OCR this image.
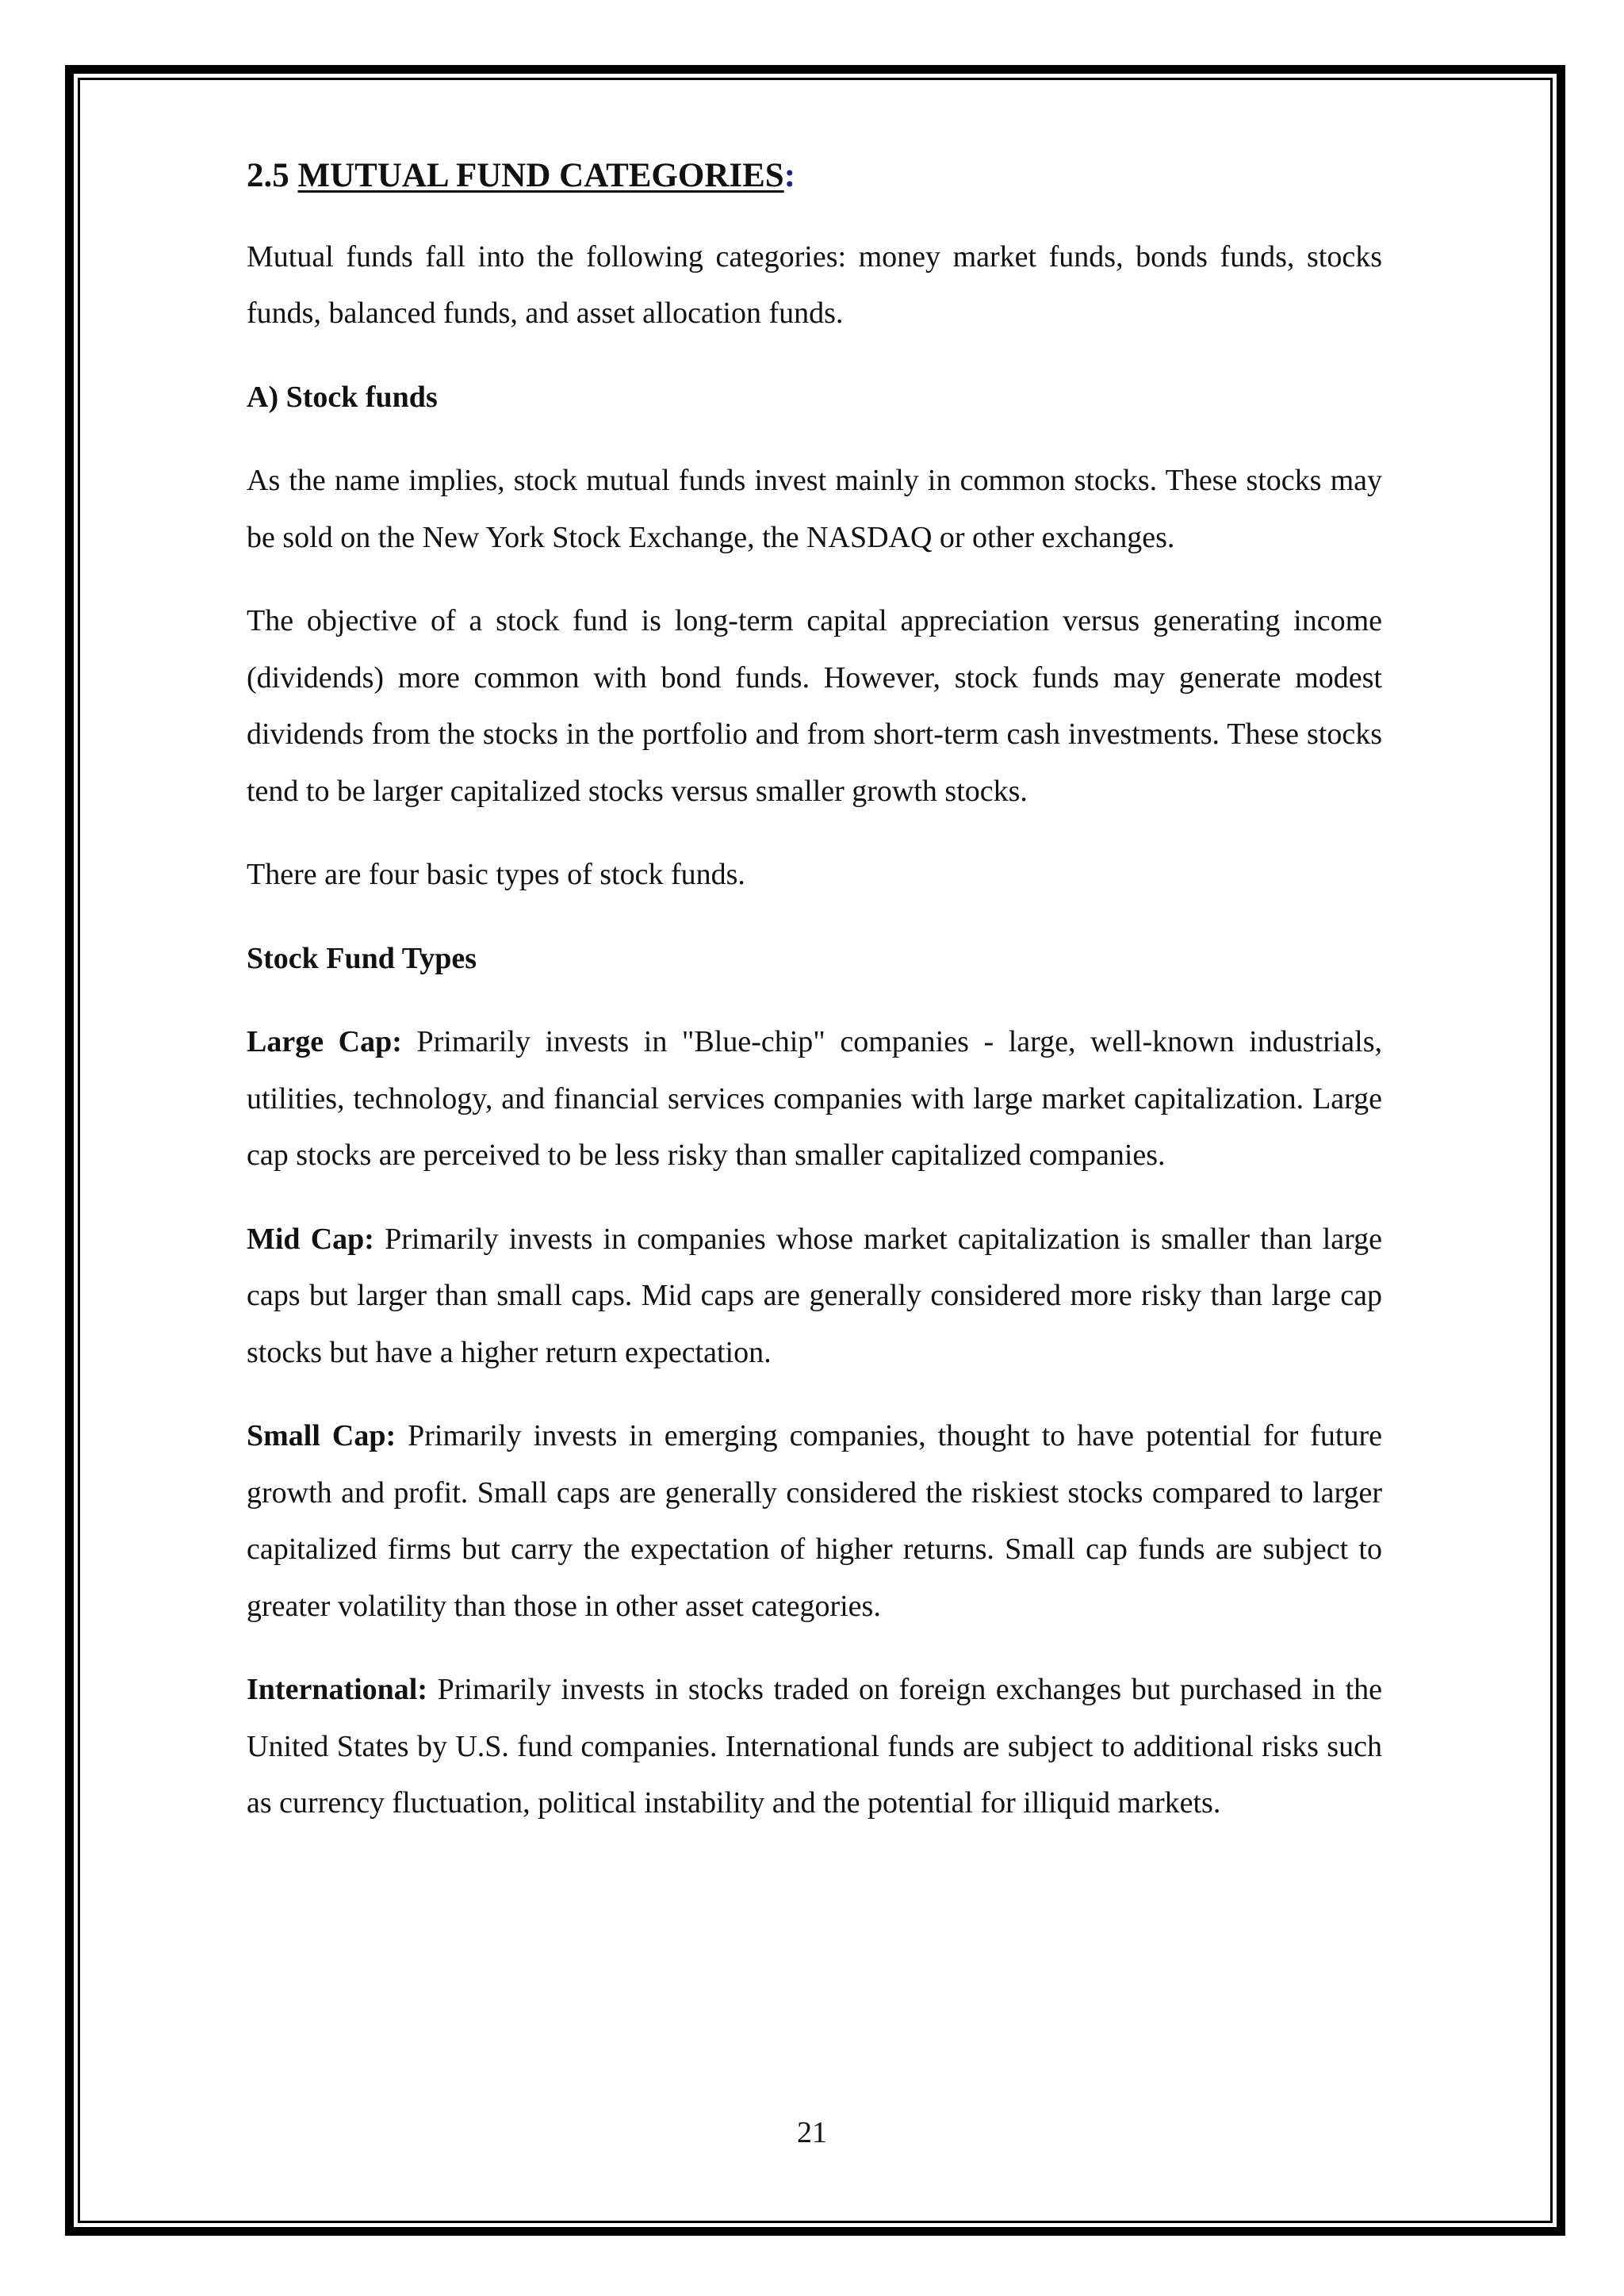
2.5 MUTUAL FUND CATEGORIES:

Mutual funds fall into the following categories: money market funds, bonds funds, stocks funds, balanced funds, and asset allocation funds.

A) Stock funds

As the name implies, stock mutual funds invest mainly in common stocks. These stocks may be sold on the New York Stock Exchange, the NASDAQ or other exchanges.

The objective of a stock fund is long-term capital appreciation versus generating income (dividends) more common with bond funds. However, stock funds may generate modest dividends from the stocks in the portfolio and from short-term cash investments. These stocks tend to be larger capitalized stocks versus smaller growth stocks.

There are four basic types of stock funds.

Stock Fund Types

Large Cap: Primarily invests in "Blue-chip" companies - large, well-known industrials, utilities, technology, and financial services companies with large market capitalization. Large cap stocks are perceived to be less risky than smaller capitalized companies.

Mid Cap: Primarily invests in companies whose market capitalization is smaller than large caps but larger than small caps. Mid caps are generally considered more risky than large cap stocks but have a higher return expectation.

Small Cap: Primarily invests in emerging companies, thought to have potential for future growth and profit. Small caps are generally considered the riskiest stocks compared to larger capitalized firms but carry the expectation of higher returns. Small cap funds are subject to greater volatility than those in other asset categories.

International: Primarily invests in stocks traded on foreign exchanges but purchased in the United States by U.S. fund companies. International funds are subject to additional risks such as currency fluctuation, political instability and the potential for illiquid markets.

21
